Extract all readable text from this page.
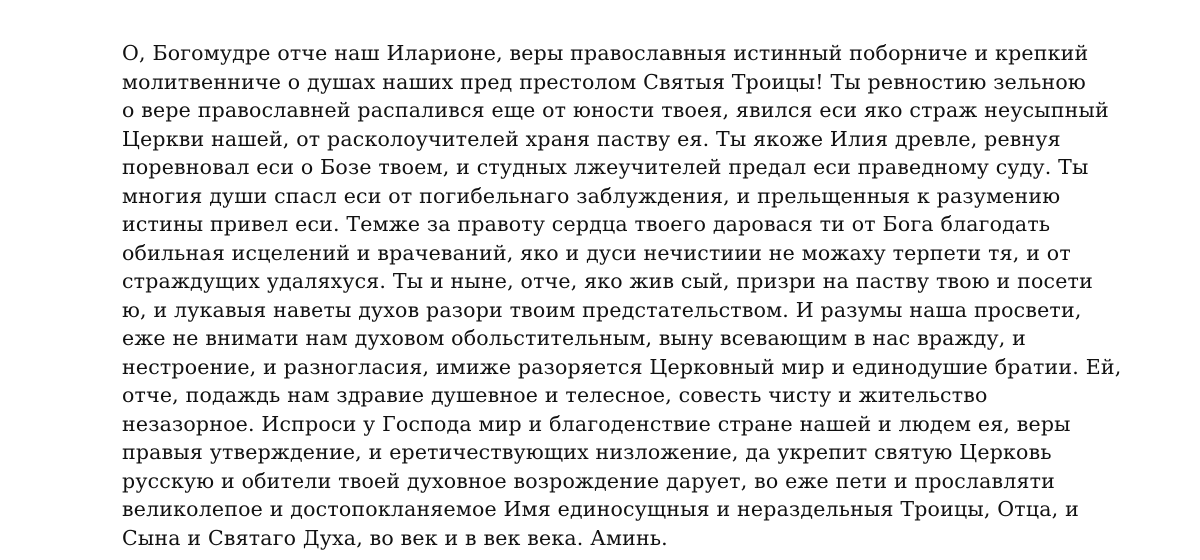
О, Богомудре отче наш Иларионе, веры православныя истинный поборниче и крепкий
молитвенниче о душах наших пред престолом Святыя Троицы! Ты ревностию зельною
о вере православней распалився еще от юности твоея, явился еси яко страж неусыпный
Церкви нашей, от расколоучителей храня паству ея. Ты якоже Илия древле, ревнуя
поревновал еси о Бозе твоем, и студных лжеучителей предал еси праведному суду. Ты
многия души спасл еси от погибельнаго заблуждения, и прельщенныя к разумению
истины привел еси. Темже за правоту сердца твоего даровася ти от Бога благодать
обильная исцелений и врачеваний, яко и дуси нечистиии не можаху терпети тя, и от
страждущих удаляхуся. Ты и ныне, отче, яко жив сый, призри на паству твою и посети
ю, и лукавыя наветы духов разори твоим предстательством. И разумы наша просвети,
еже не внимати нам духовом обольстительным, выну всевающим в нас вражду, и
нестроение, и разногласия, имиже разоряется Церковный мир и единодушие братии. Ей,
отче, подаждь нам здравие душевное и телесное, совесть чисту и жительство
незазорное. Испроси у Господа мир и благоденствие стране нашей и людем ея, веры
правыя утверждение, и еретичествующих низложение, да укрепит святую Церковь
русскую и обители твоей духовное возрождение дарует, во еже пети и прославляти
великолепое и достопокланяемое Имя единосущныя и нераздельныя Троицы, Отца, и
Сына и Святаго Духа, во век и в век века. Аминь.
